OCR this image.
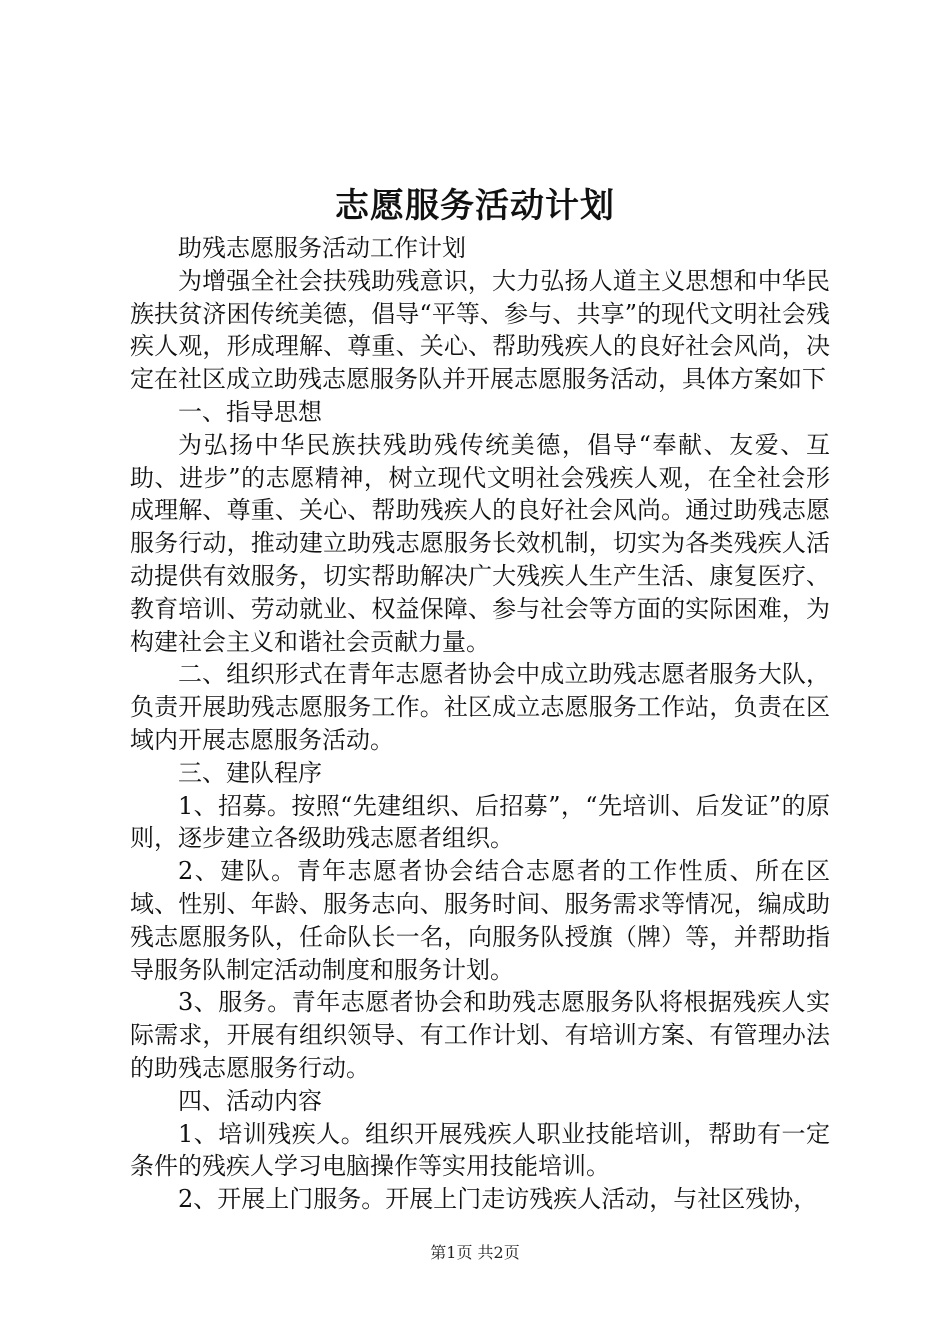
志愿服务活动计划

助残志愿服务活动工作计划

为增强全社会扶残助残意识，大力弘扬人道主义思想和中华民族扶贫济困传统美德，倡导“平等、参与、共享”的现代文明社会残疾人观，形成理解、尊重、关心、帮助残疾人的良好社会风尚，决定在社区成立助残志愿服务队并开展志愿服务活动，具体方案如下

一、指导思想

为弘扬中华民族扶残助残传统美德，倡导“奉献、友爱、互助、进步”的志愿精神，树立现代文明社会残疾人观，在全社会形成理解、尊重、关心、帮助残疾人的良好社会风尚。通过助残志愿服务行动，推动建立助残志愿服务长效机制，切实为各类残疾人活动提供有效服务，切实帮助解决广大残疾人生产生活、康复医疗、教育培训、劳动就业、权益保障、参与社会等方面的实际困难，为构建社会主义和谐社会贡献力量。

二、组织形式在青年志愿者协会中成立助残志愿者服务大队，负责开展助残志愿服务工作。社区成立志愿服务工作站，负责在区域内开展志愿服务活动。

三、建队程序

1、招募。按照“先建组织、后招募”，“先培训、后发证”的原则，逐步建立各级助残志愿者组织。

2、建队。青年志愿者协会结合志愿者的工作性质、所在区域、性别、年龄、服务志向、服务时间、服务需求等情况，编成助残志愿服务队，任命队长一名，向服务队授旗（牌）等，并帮助指导服务队制定活动制度和服务计划。

3、服务。青年志愿者协会和助残志愿服务队将根据残疾人实际需求，开展有组织领导、有工作计划、有培训方案、有管理办法的助残志愿服务行动。

四、活动内容

1、培训残疾人。组织开展残疾人职业技能培训，帮助有一定条件的残疾人学习电脑操作等实用技能培训。

2、开展上门服务。开展上门走访残疾人活动，与社区残协，

第1页 共2页
